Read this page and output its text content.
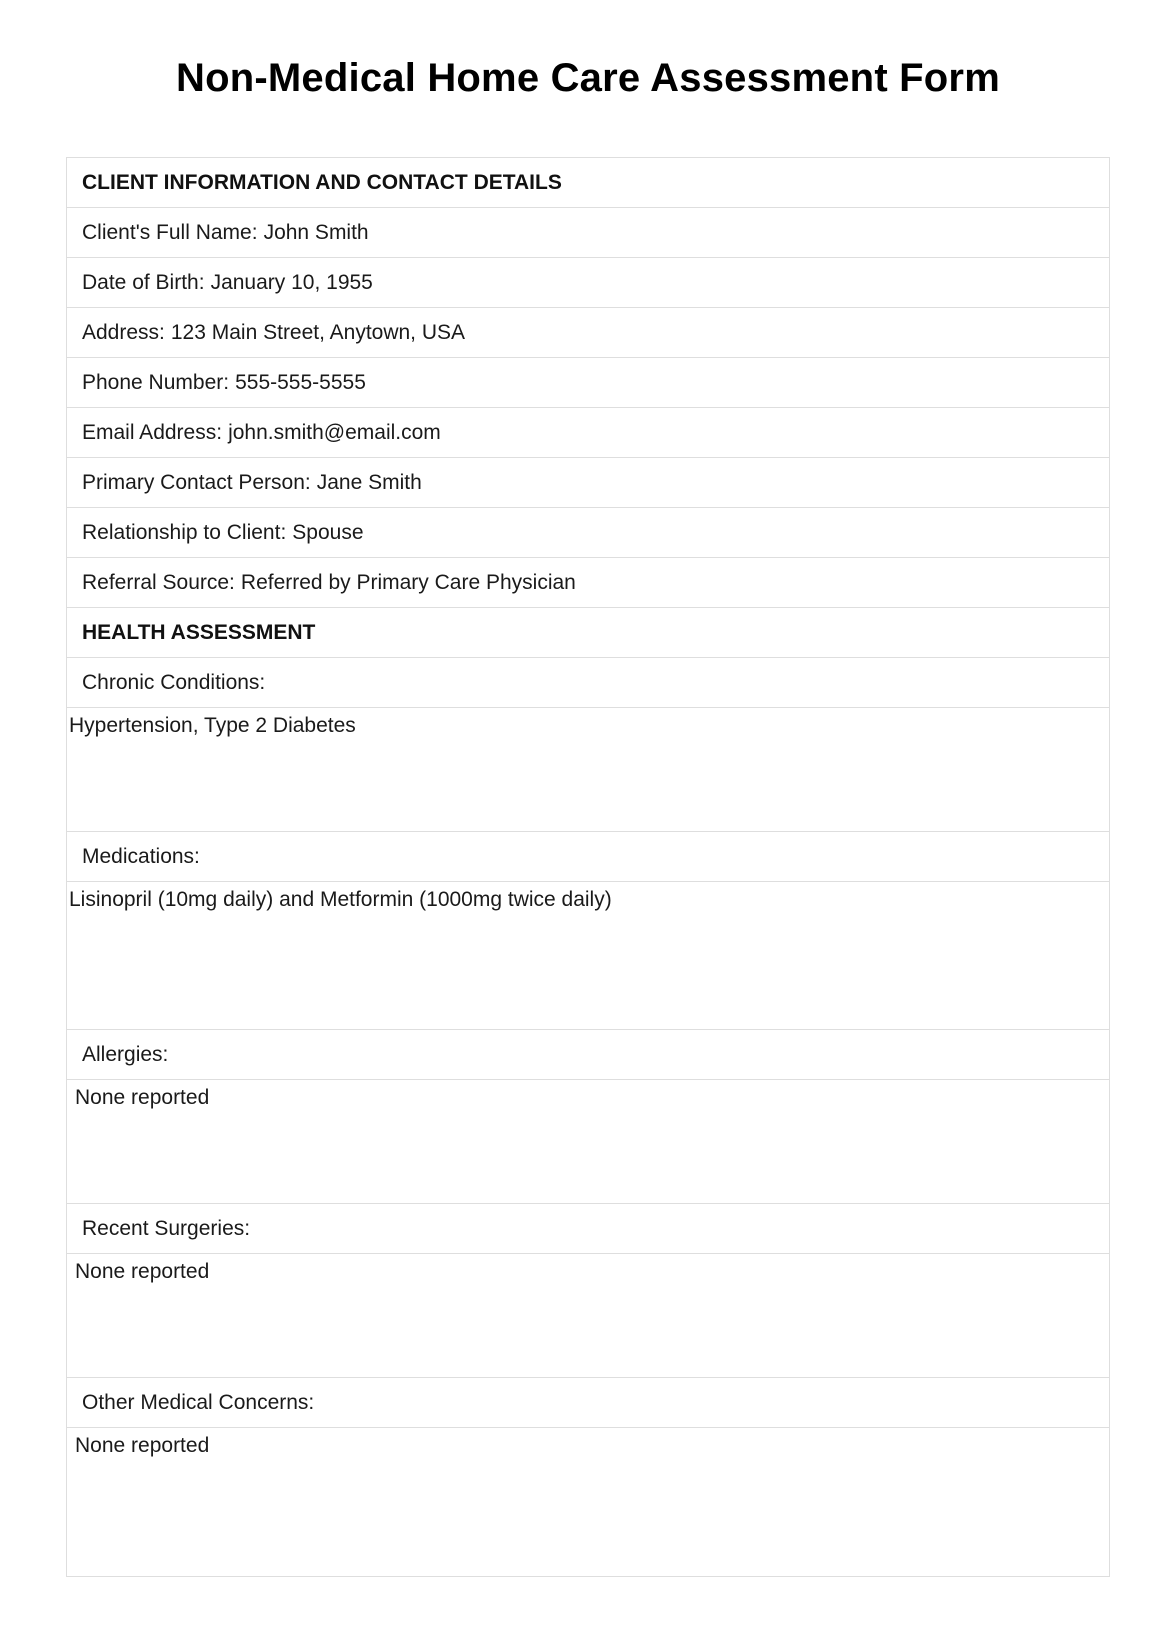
Non-Medical Home Care Assessment Form
CLIENT INFORMATION AND CONTACT DETAILS
Client's Full Name: John Smith
Date of Birth: January 10, 1955
Address: 123 Main Street, Anytown, USA
Phone Number: 555-555-5555
Email Address: john.smith@email.com
Primary Contact Person: Jane Smith
Relationship to Client: Spouse
Referral Source: Referred by Primary Care Physician
HEALTH ASSESSMENT
Chronic Conditions:
Hypertension, Type 2 Diabetes
Medications:
Lisinopril (10mg daily) and Metformin (1000mg twice daily)
Allergies:
None reported
Recent Surgeries:
None reported
Other Medical Concerns:
None reported
